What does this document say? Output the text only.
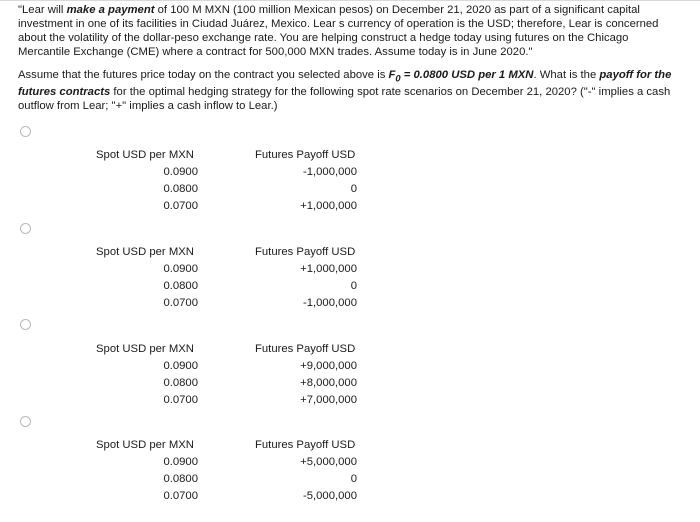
"Lear will make a payment of 100 M MXN (100 million Mexican pesos) on December 21, 2020 as part of a significant capital investment in one of its facilities in Ciudad Juárez, Mexico. Lear s currency of operation is the USD; therefore, Lear is concerned about the volatility of the dollar-peso exchange rate. You are helping construct a hedge today using futures on the Chicago Mercantile Exchange (CME) where a contract for 500,000 MXN trades. Assume today is in June 2020."

Assume that the futures price today on the contract you selected above is $F_0 = 0.0800$ USD per 1 MXN. What is the payoff for the futures contracts for the optimal hedging strategy for the following spot rate scenarios on December 21, 2020? ("-" implies a cash outflow from Lear; "+" implies a cash inflow to Lear.)

Spot USD per MXN	Futures Payoff USD
0.0900	-1,000,000
0.0800	0
0.0700	+1,000,000
Spot USD per MXN	Futures Payoff USD
0.0900	+1,000,000
0.0800	0
0.0700	-1,000,000
Spot USD per MXN	Futures Payoff USD
0.0900	+9,000,000
0.0800	+8,000,000
0.0700	+7,000,000
Spot USD per MXN	Futures Payoff USD
0.0900	+5,000,000
0.0800	0
0.0700	-5,000,000
